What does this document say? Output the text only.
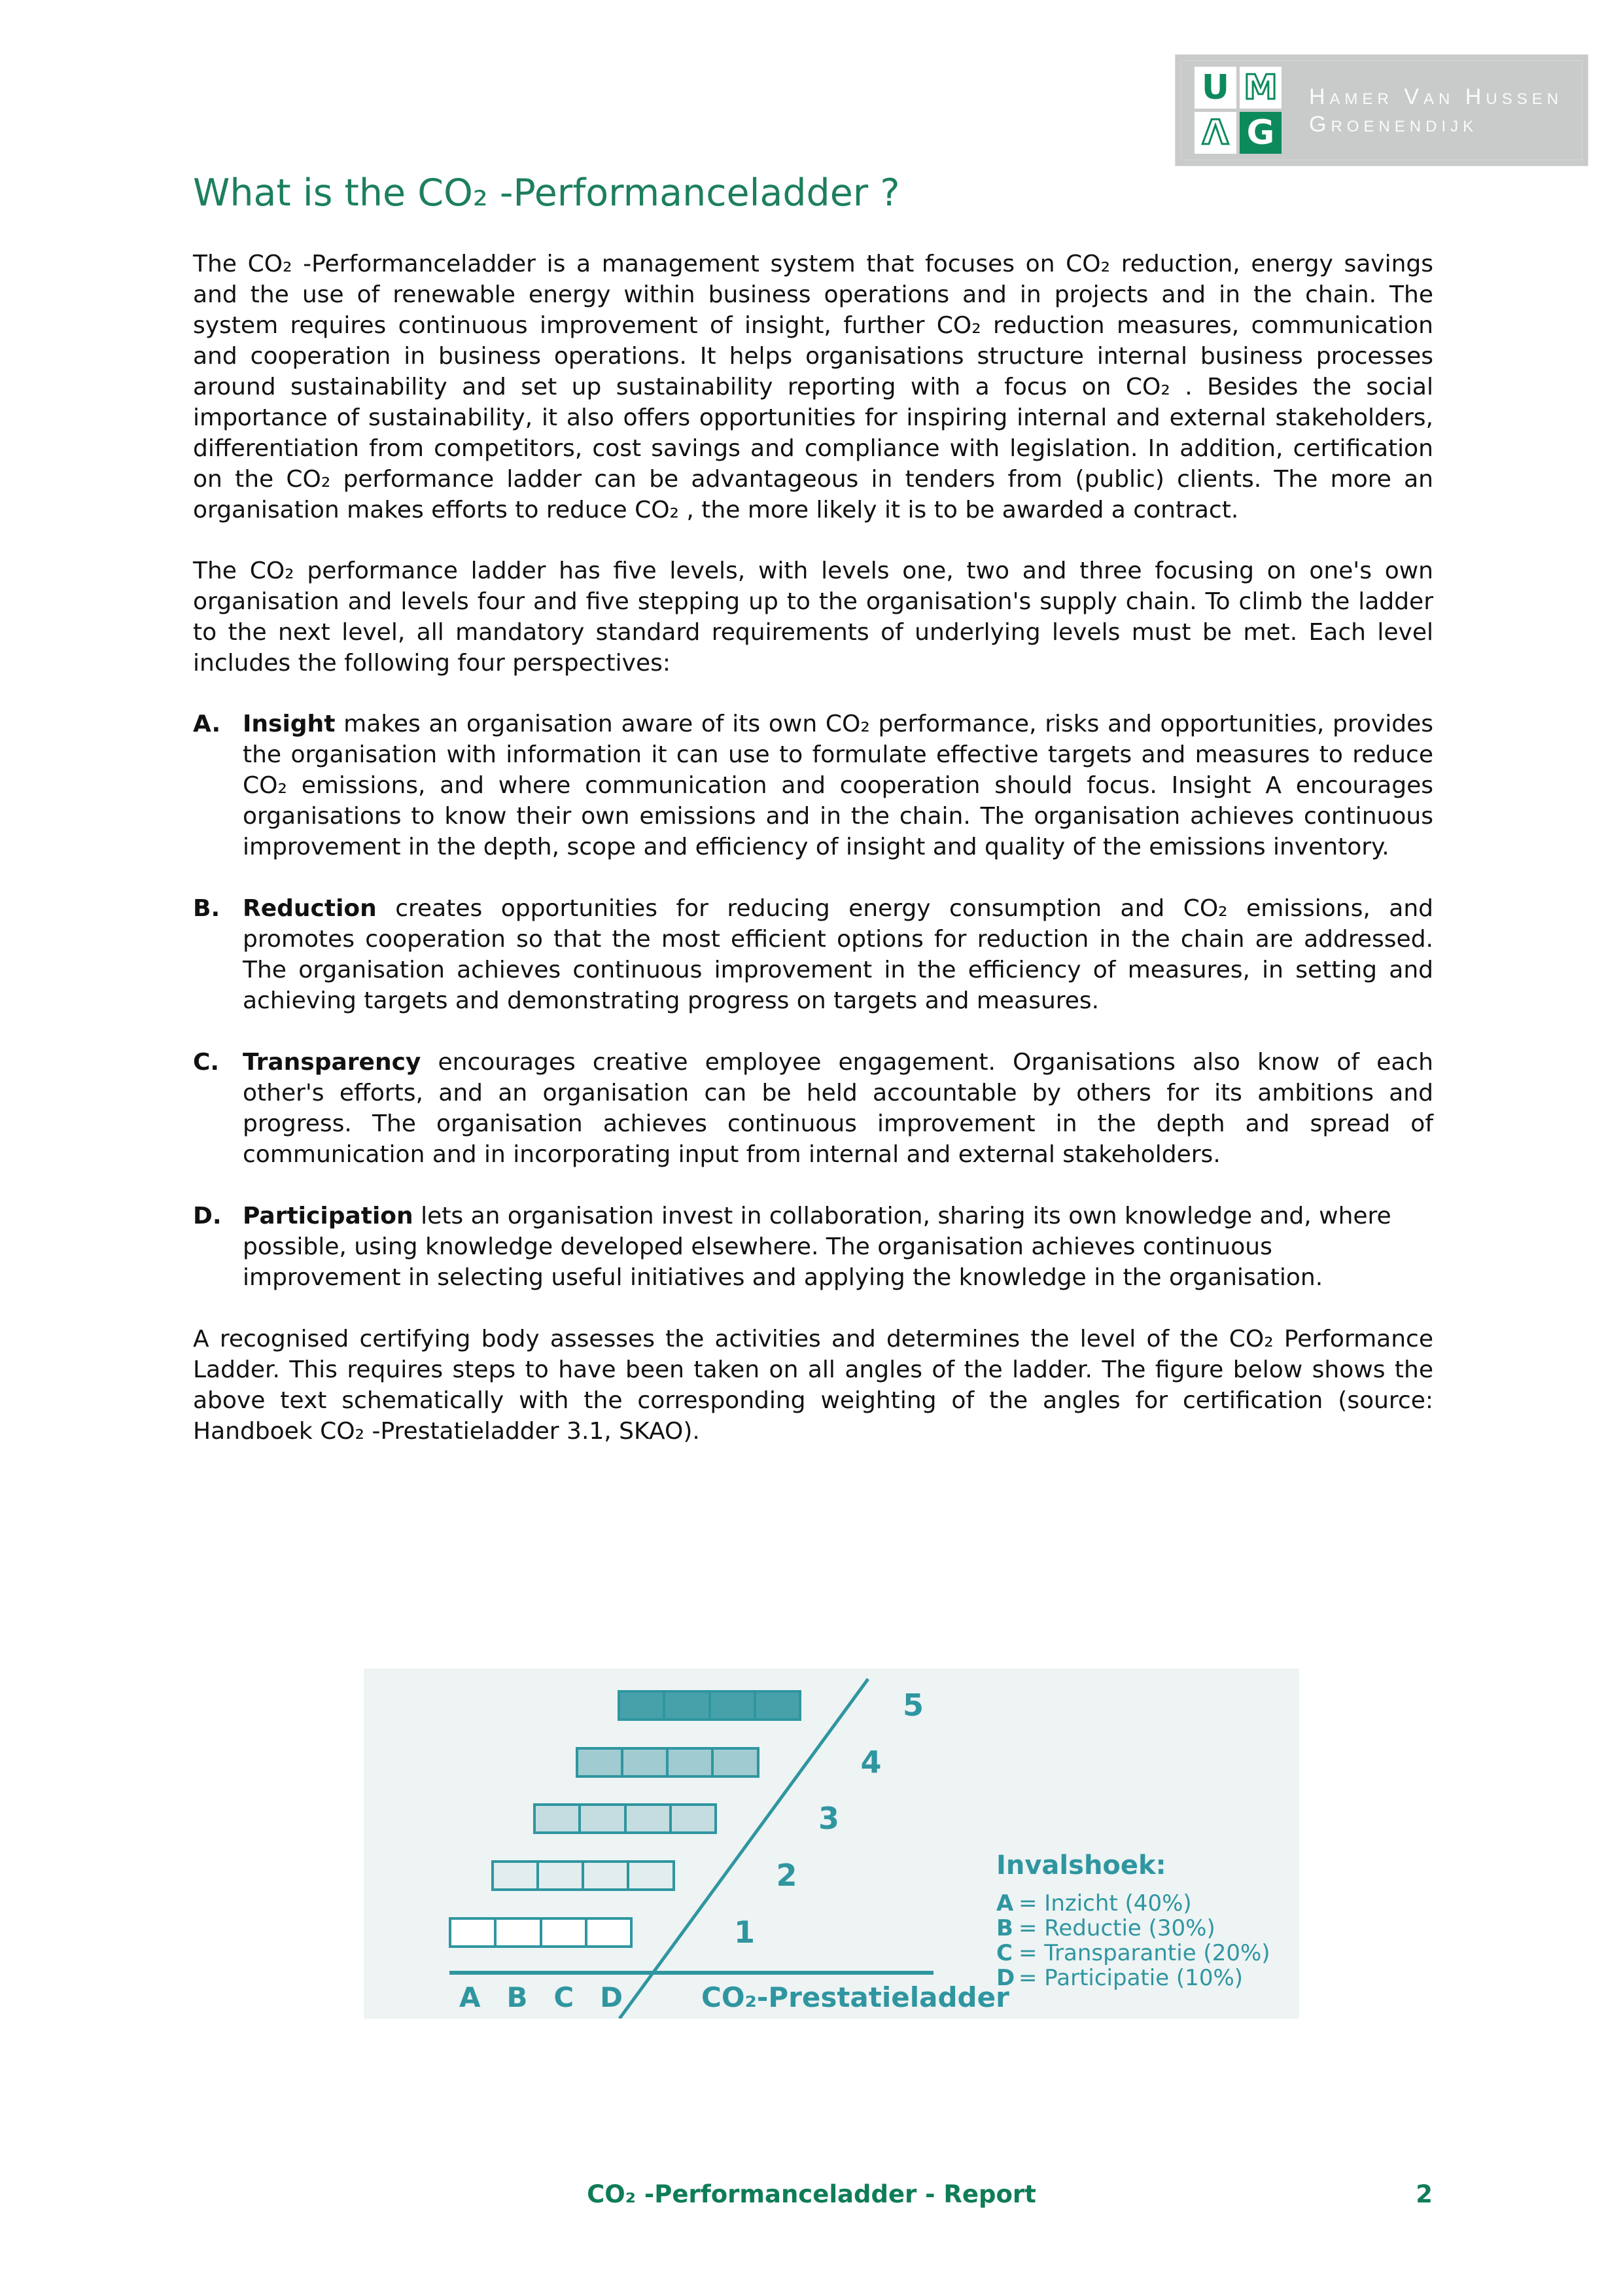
U M
Λ G
Hamer Van Hussen
Groenendijk
What is the CO₂ -Performanceladder ?

The CO₂ -Performanceladder is a management system that focuses on CO₂ reduction, energy savings and the use of renewable energy within business operations and in projects and in the chain. The system requires continuous improvement of insight, further CO₂ reduction measures, communication and cooperation in business operations. It helps organisations structure internal business processes around sustainability and set up sustainability reporting with a focus on CO₂ . Besides the social importance of sustainability, it also offers opportunities for inspiring internal and external stakeholders, differentiation from competitors, cost savings and compliance with legislation. In addition, certification on the CO₂ performance ladder can be advantageous in tenders from (public) clients. The more an organisation makes efforts to reduce CO₂ , the more likely it is to be awarded a contract.

The CO₂ performance ladder has five levels, with levels one, two and three focusing on one's own organisation and levels four and five stepping up to the organisation's supply chain. To climb the ladder to the next level, all mandatory standard requirements of underlying levels must be met. Each level includes the following four perspectives:

A. Insight makes an organisation aware of its own CO₂ performance, risks and opportunities, provides the organisation with information it can use to formulate effective targets and measures to reduce CO₂ emissions, and where communication and cooperation should focus. Insight A encourages organisations to know their own emissions and in the chain. The organisation achieves continuous improvement in the depth, scope and efficiency of insight and quality of the emissions inventory.
B. Reduction creates opportunities for reducing energy consumption and CO₂ emissions, and promotes cooperation so that the most efficient options for reduction in the chain are addressed. The organisation achieves continuous improvement in the efficiency of measures, in setting and achieving targets and demonstrating progress on targets and measures.
C. Transparency encourages creative employee engagement. Organisations also know of each other's efforts, and an organisation can be held accountable by others for its ambitions and progress. The organisation achieves continuous improvement in the depth and spread of communication and in incorporating input from internal and external stakeholders.
D. Participation lets an organisation invest in collaboration, sharing its own knowledge and, where possible, using knowledge developed elsewhere. The organisation achieves continuous improvement in selecting useful initiatives and applying the knowledge in the organisation.

A recognised certifying body assesses the activities and determines the level of the CO₂ Performance Ladder. This requires steps to have been taken on all angles of the ladder. The figure below shows the above text schematically with the corresponding weighting of the angles for certification (source: Handboek CO₂ -Prestatieladder 3.1, SKAO).

1
2
3
4
5
A B C D	CO₂-Prestatieladder
Invalshoek:
A= Inzicht (40%)
B= Reductie (30%)
C= Transparantie (20%)
D= Participatie (10%)
CO₂ -Performanceladder - Report	2
